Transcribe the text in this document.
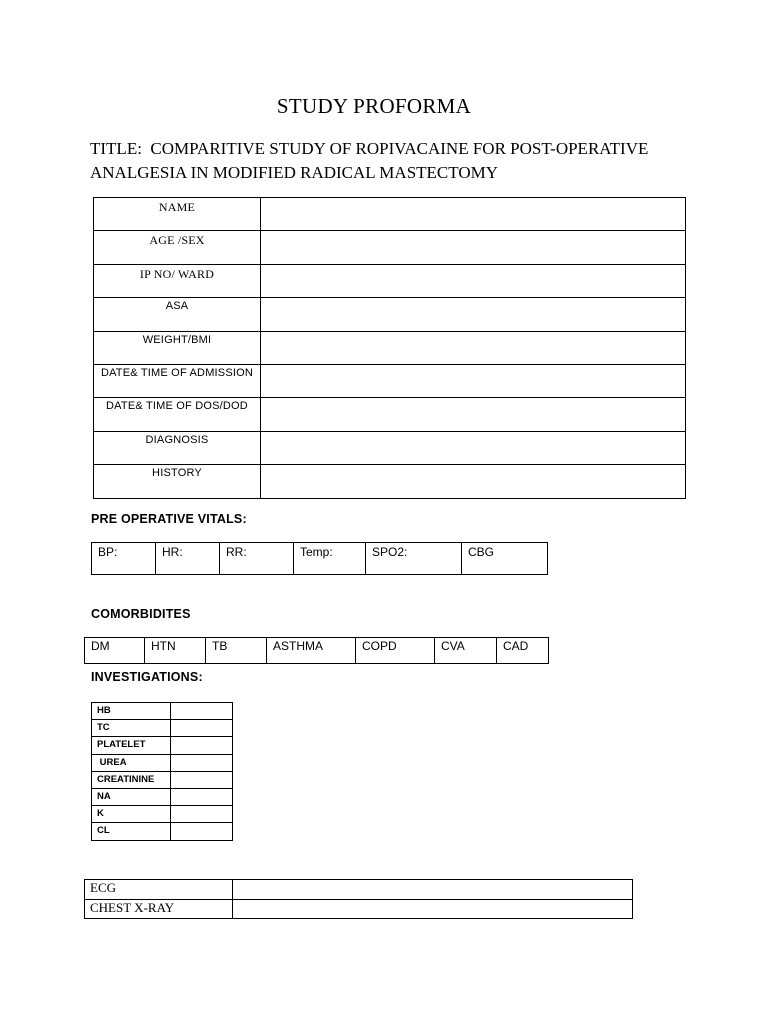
STUDY PROFORMA
TITLE:  COMPARITIVE STUDY OF ROPIVACAINE FOR POST-OPERATIVE
ANALGESIA IN MODIFIED RADICAL MASTECTOMY
NAME	
AGE /SEX	
IP NO/ WARD	
ASA	
WEIGHT/BMI	
DATE& TIME OF ADMISSION	
DATE& TIME OF DOS/DOD	
DIAGNOSIS	
HISTORY	
PRE OPERATIVE VITALS:
BP:	HR:	RR:	Temp:	SPO2:	CBG
COMORBIDITES
DM	HTN	TB	ASTHMA	COPD	CVA	CAD
INVESTIGATIONS:
HB	
TC	
PLATELET	
UREA	
CREATININE	
NA	
K	
CL	
ECG	
CHEST X-RAY	
